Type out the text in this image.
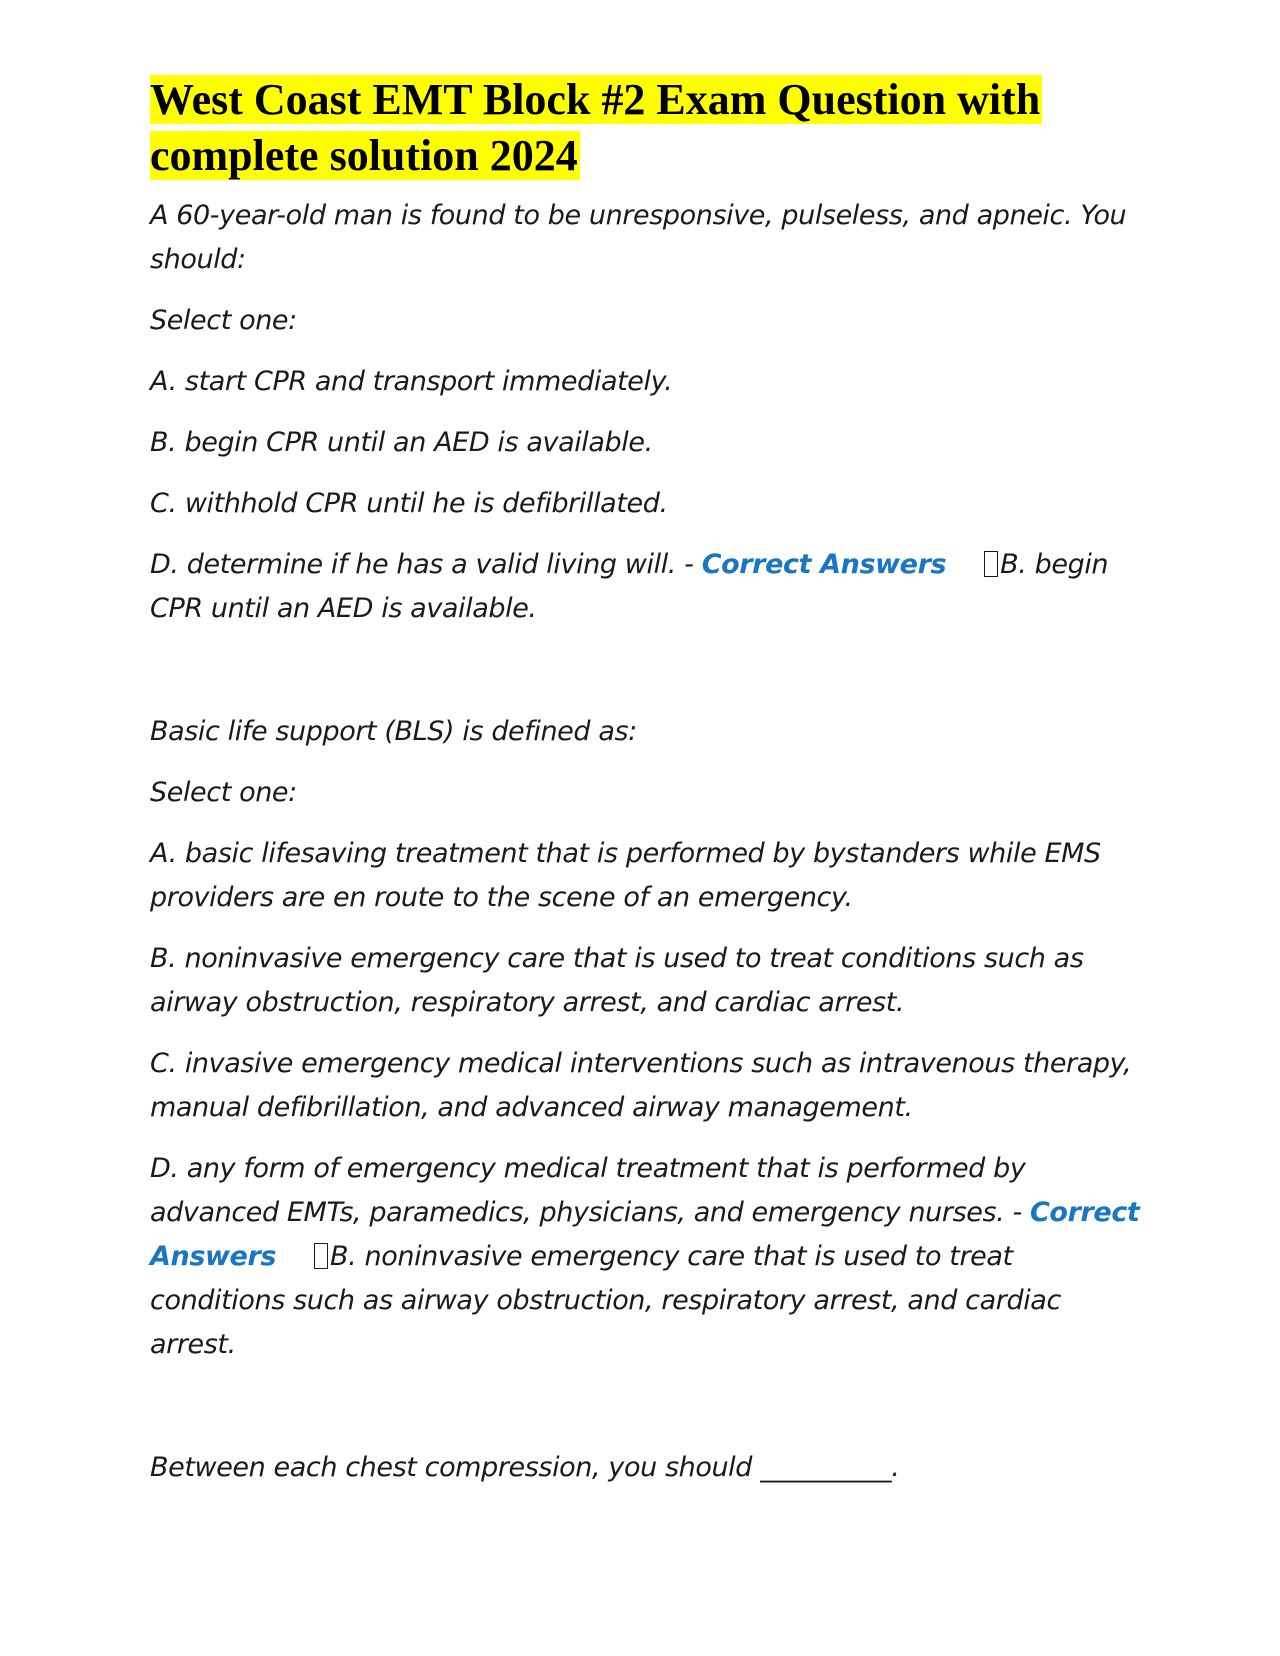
West Coast EMT Block #2 Exam Question with complete solution 2024

A 60-year-old man is found to be unresponsive, pulseless, and apneic. You should:

Select one:

A. start CPR and transport immediately.

B. begin CPR until an AED is available.

C. withhold CPR until he is defibrillated.

D. determine if he has a valid living will. - Correct Answers B. begin CPR until an AED is available.

Basic life support (BLS) is defined as:

Select one:

A. basic lifesaving treatment that is performed by bystanders while EMS providers are en route to the scene of an emergency.

B. noninvasive emergency care that is used to treat conditions such as airway obstruction, respiratory arrest, and cardiac arrest.

C. invasive emergency medical interventions such as intravenous therapy, manual defibrillation, and advanced airway management.

D. any form of emergency medical treatment that is performed by advanced EMTs, paramedics, physicians, and emergency nurses. - Correct Answers B. noninvasive emergency care that is used to treat conditions such as airway obstruction, respiratory arrest, and cardiac arrest.

Between each chest compression, you should __________.
